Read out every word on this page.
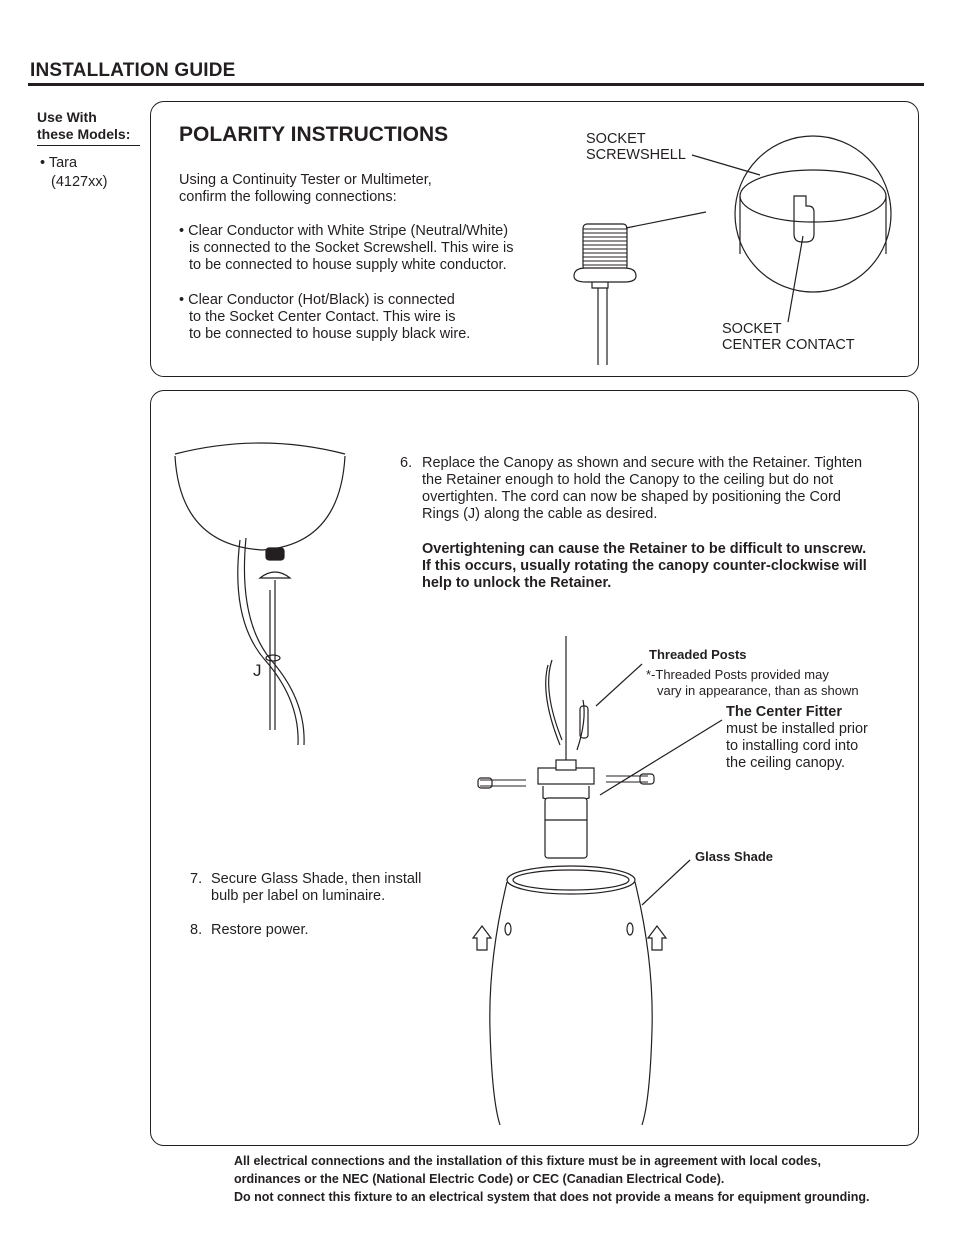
INSTALLATION GUIDE
Use With
these Models:
• Tara
(4127xx)
POLARITY INSTRUCTIONS
Using a Continuity Tester or Multimeter,
confirm the following connections:
• Clear Conductor with White Stripe (Neutral/White)
is connected to the Socket Screwshell. This wire is
to be connected to house supply white conductor.
• Clear Conductor (Hot/Black) is connected
to the Socket Center Contact. This wire is
to be connected to house supply black wire.
SOCKET
SCREWSHELL
SOCKET
CENTER CONTACT
6. Replace the Canopy as shown and secure with the Retainer. Tighten
the Retainer enough to hold the Canopy to the ceiling but do not
overtighten. The cord can now be shaped by positioning the Cord
Rings (J) along the cable as desired.
Overtightening can cause the Retainer to be difficult to unscrew.
If this occurs, usually rotating the canopy counter-clockwise will
help to unlock the Retainer.
7. Secure Glass Shade, then install
bulb per label on luminaire.
8. Restore power.
J
Threaded Posts
*-Threaded Posts provided may
vary in appearance, than as shown
The Center Fitter
must be installed prior
to installing cord into
the ceiling canopy.
Glass Shade
All electrical connections and the installation of this fixture must be in agreement with local codes,
ordinances or the NEC (National Electric Code) or CEC (Canadian Electrical Code).
Do not connect this fixture to an electrical system that does not provide a means for equipment grounding.
